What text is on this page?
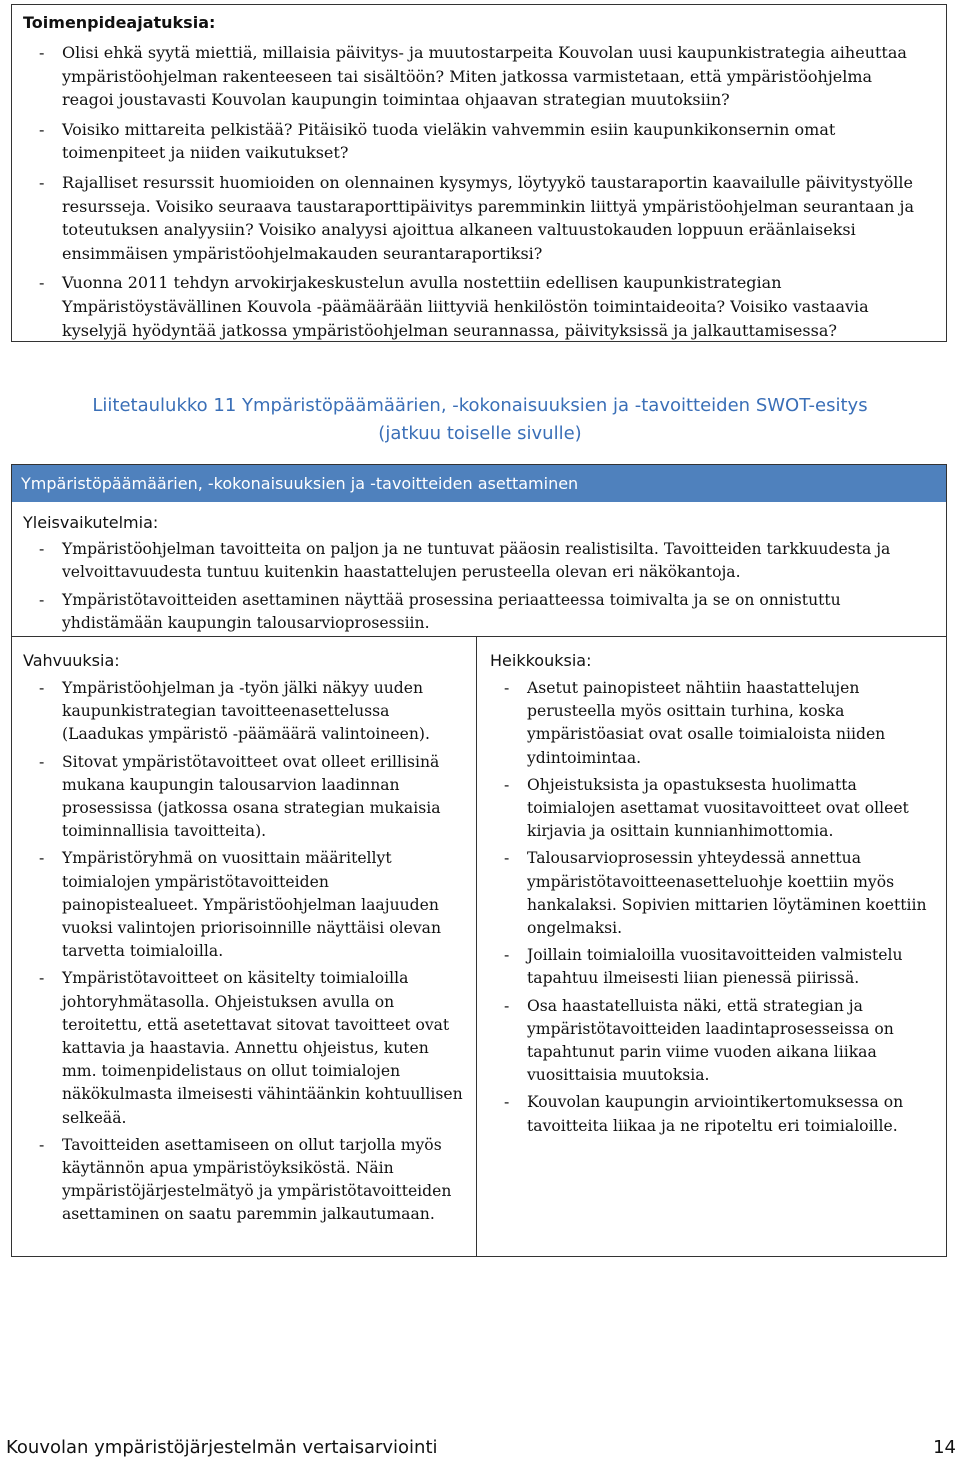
Toimenpideajatuksia:
- Olisi ehkä syytä miettiä, millaisia päivitys- ja muutostarpeita Kouvolan uusi kaupunkistrategia aiheuttaa ympäristöohjelman rakenteeseen tai sisältöön? Miten jatkossa varmistetaan, että ympäristöohjelma reagoi joustavasti Kouvolan kaupungin toimintaa ohjaavan strategian muutoksiin?
- Voisiko mittareita pelkistää? Pitäisikö tuoda vieläkin vahvemmin esiin kaupunkikonsernin omat toimenpiteet ja niiden vaikutukset?
- Rajalliset resurssit huomioiden on olennainen kysymys, löytyykö taustaraportin kaavailulle päivitystyölle resursseja. Voisiko seuraava taustaraporttipäivitys paremminkin liittyä ympäristöohjelman seurantaan ja toteutuksen analyysiin? Voisiko analyysi ajoittua alkaneen valtuustokauden loppuun eräänlaiseksi ensimmäisen ympäristöohjelmakauden seurantaraportiksi?
- Vuonna 2011 tehdyn arvokirjakeskustelun avulla nostettiin edellisen kaupunkistrategian Ympäristöystävällinen Kouvola -päämäärään liittyviä henkilöstön toimintaideoita? Voisiko vastaavia kyselyjä hyödyntää jatkossa ympäristöohjelman seurannassa, päivityksissä ja jalkauttamisessa?
Liitetaulukko 11 Ympäristöpäämäärien, -kokonaisuuksien ja -tavoitteiden SWOT-esitys
(jatkuu toiselle sivulle)
Ympäristöpäämäärien, -kokonaisuuksien ja -tavoitteiden asettaminen
Yleisvaikutelmia:
- Ympäristöohjelman tavoitteita on paljon ja ne tuntuvat pääosin realistisilta. Tavoitteiden tarkkuudesta ja velvoittavuudesta tuntuu kuitenkin haastattelujen perusteella olevan eri näkökantoja.
- Ympäristötavoitteiden asettaminen näyttää prosessina periaatteessa toimivalta ja se on onnistuttu yhdistämään kaupungin talousarvioprosessiin.
Vahvuuksia:
- Ympäristöohjelman ja -työn jälki näkyy uuden kaupunkistrategian tavoitteenasettelussa (Laadukas ympäristö -päämäärä valintoineen).
- Sitovat ympäristötavoitteet ovat olleet erillisinä mukana kaupungin talousarvion laadinnan prosessissa (jatkossa osana strategian mukaisia toiminnallisia tavoitteita).
- Ympäristöryhmä on vuosittain määritellyt toimialojen ympäristötavoitteiden painopistealueet. Ympäristöohjelman laajuuden vuoksi valintojen priorisoinnille näyttäisi olevan tarvetta toimialoilla.
- Ympäristötavoitteet on käsitelty toimialoilla johtoryhmätasolla. Ohjeistuksen avulla on teroitettu, että asetettavat sitovat tavoitteet ovat kattavia ja haastavia. Annettu ohjeistus, kuten mm. toimenpidelistaus on ollut toimialojen näkökulmasta ilmeisesti vähintäänkin kohtuullisen selkeää.
- Tavoitteiden asettamiseen on ollut tarjolla myös käytännön apua ympäristöyksiköstä. Näin ympäristöjärjestelmätyö ja ympäristötavoitteiden asettaminen on saatu paremmin jalkautumaan.
Heikkouksia:
- Asetut painopisteet nähtiin haastattelujen perusteella myös osittain turhina, koska ympäristöasiat ovat osalle toimialoista niiden ydintoimintaa.
- Ohjeistuksista ja opastuksesta huolimatta toimialojen asettamat vuositavoitteet ovat olleet kirjavia ja osittain kunnianhimottomia.
- Talousarvioprosessin yhteydessä annettua ympäristötavoitteenasetteluohje koettiin myös hankalaksi. Sopivien mittarien löytäminen koettiin ongelmaksi.
- Joillain toimialoilla vuositavoitteiden valmistelu tapahtuu ilmeisesti liian pienessä piirissä.
- Osa haastatelluista näki, että strategian ja ympäristötavoitteiden laadintaprosesseissa on tapahtunut parin viime vuoden aikana liikaa vuosittaisia muutoksia.
- Kouvolan kaupungin arviointikertomuksessa on tavoitteita liikaa ja ne ripoteltu eri toimialoille.
Kouvolan ympäristöjärjestelmän vertaisarviointi	14
